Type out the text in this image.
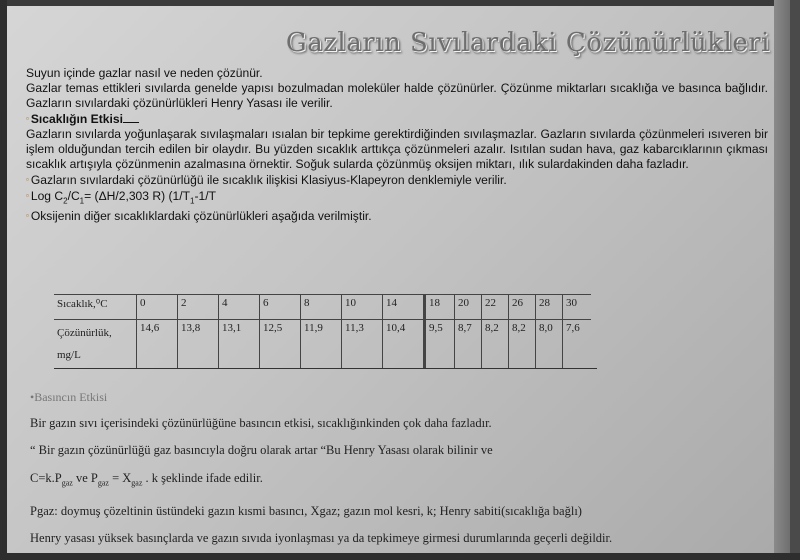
Gazların Sıvılardaki Çözünürlükleri

Suyun içinde gazlar nasıl ve neden çözünür.

Gazlar temas ettikleri sıvılarda genelde yapısı bozulmadan moleküler halde çözünürler. Çözünme miktarları sıcaklığa ve basınca bağlıdır. Gazların sıvılardaki çözünürlükleri Henry Yasası ile verilir.

▫ Sıcaklığın Etkisi

Gazların sıvılarda yoğunlaşarak sıvılaşmaları ısıalan bir tepkime gerektirdiğinden sıvılaşmazlar. Gazların sıvılarda çözünmeleri ısıveren bir işlem olduğundan tercih edilen bir olaydır. Bu yüzden sıcaklık arttıkça çözünmeleri azalır. Isıtılan sudan hava, gaz kabarcıklarının çıkması sıcaklık artışıyla çözünmenin azalmasına örnektir. Soğuk sularda çözünmüş oksijen miktarı, ılık sulardakinden daha fazladır.

▫ Gazların sıvılardaki çözünürlüğü ile sıcaklık ilişkisi Klasiyus-Klapeyron denklemiyle verilir.

▫ Log $C_2/C_1= (\Delta H/2,303$ R) ($1/T_1-1/T$

▫ Oksijenin diğer sıcaklıklardaki çözünürlükleri aşağıda verilmiştir.

Sıcaklık,⁰C	0	2	4	6	8	10	14	18	20	22	26	28	30
Çözünürlük,
mg/L	14,6	13,8	13,1	12,5	11,9	11,3	10,4	9,5	8,7	8,2	8,2	8,0	7,6
•Basıncın Etkisi
Bir gazın sıvı içerisindeki çözünürlüğüne basıncın etkisi, sıcaklığınkinden çok daha fazladır.
“ Bir gazın çözünürlüğü gaz basıncıyla doğru olarak artar “Bu Henry Yasası olarak bilinir ve
$C=k.P_{gaz}$ ve $P_{gaz} = X_{gaz}$ . k şeklinde ifade edilir.
Pgaz: doymuş çözeltinin üstündeki gazın kısmi basıncı, Xgaz; gazın mol kesri, k; Henry sabiti(sıcaklığa bağlı)
Henry yasası yüksek basınçlarda ve gazın sıvıda iyonlaşması ya da tepkimeye girmesi durumlarında geçerli değildir.
